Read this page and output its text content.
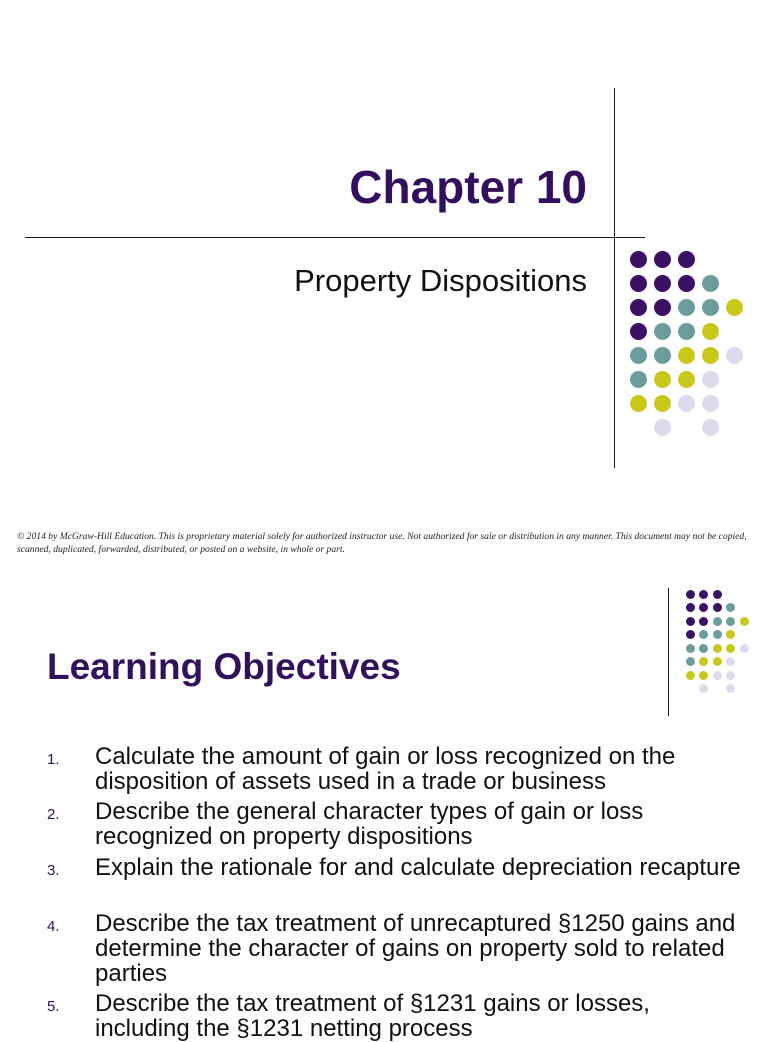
Chapter 10
Property Dispositions
© 2014 by McGraw-Hill Education. This is proprietary material solely for authorized instructor use. Not authorized for sale or distribution in any manner. This document may not be copied, scanned, duplicated, forwarded, distributed, or posted on a website, in whole or part.
Learning Objectives
1. Calculate the amount of gain or loss recognized on the disposition of assets used in a trade or business
2. Describe the general character types of gain or loss recognized on property dispositions
3. Explain the rationale for and calculate depreciation recapture
4. Describe the tax treatment of unrecaptured §1250 gains and determine the character of gains on property sold to related parties
5. Describe the tax treatment of §1231 gains or losses, including the §1231 netting process
